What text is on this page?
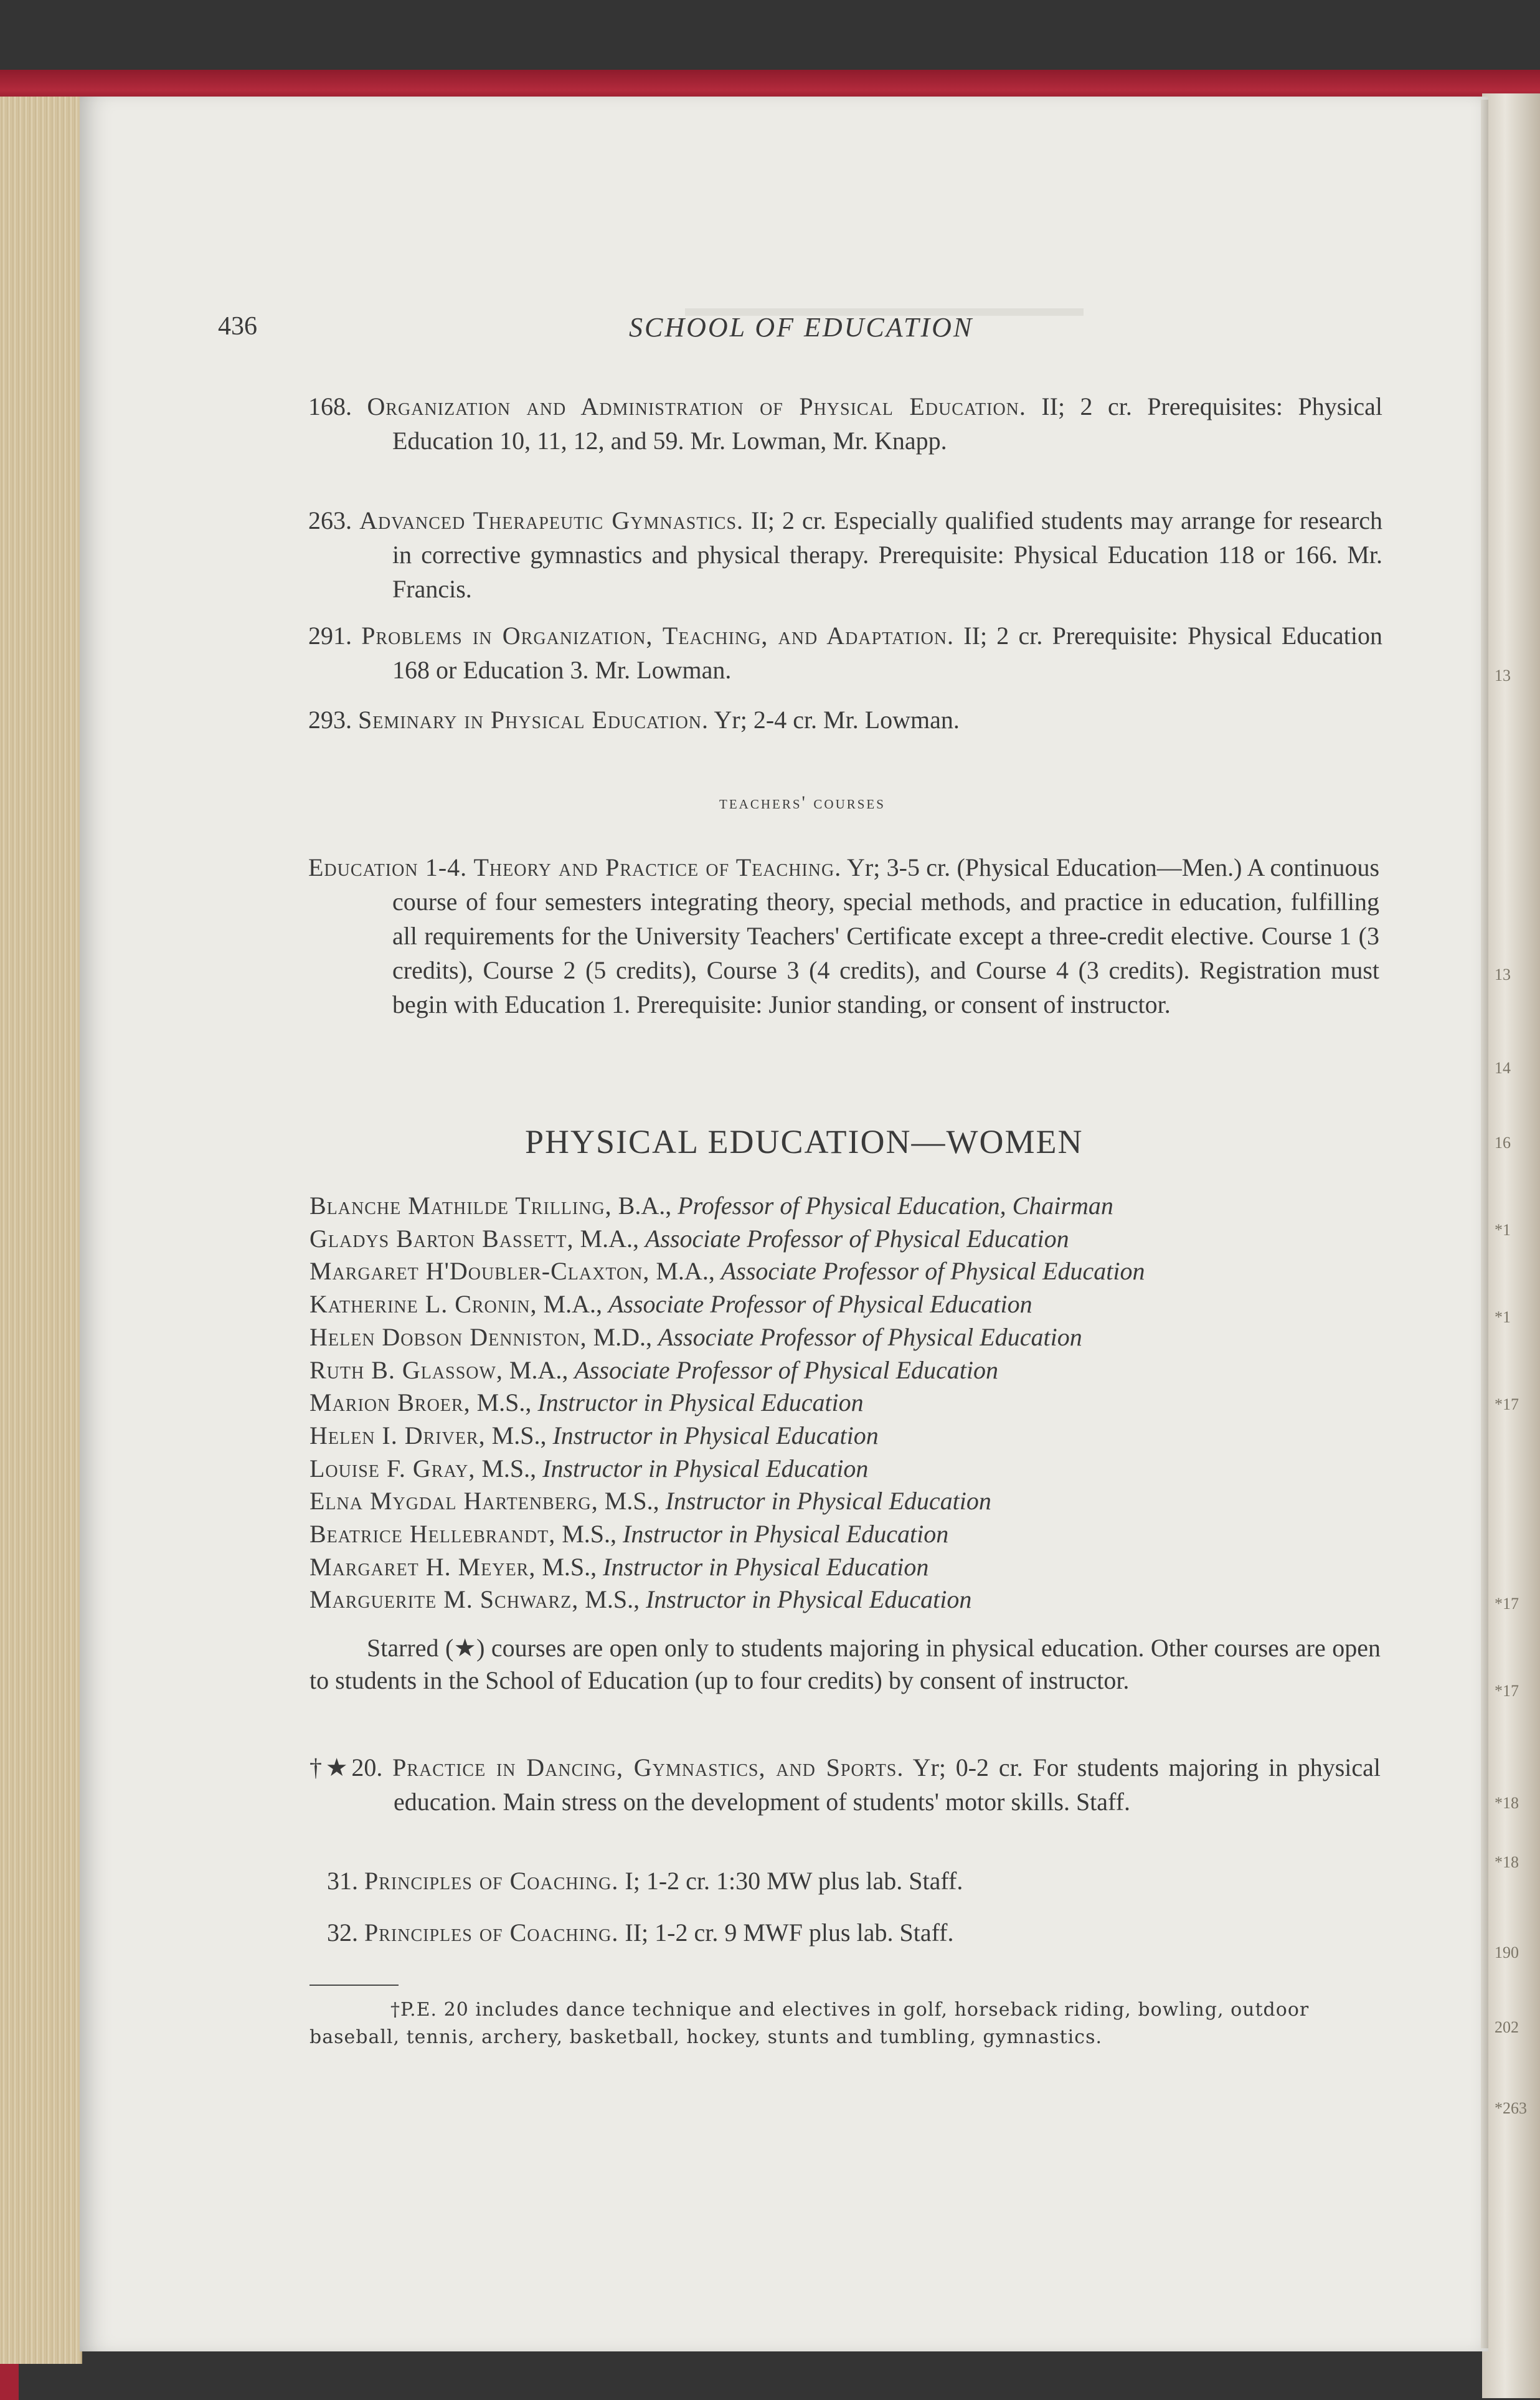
▬▬▬▬▬▬▬▬▬▬▬▬▬▬▬▬
436	SCHOOL OF EDUCATION
168. Organization and Administration of Physical Education. II; 2 cr. Prerequisites: Physical Education 10, 11, 12, and 59. Mr. Lowman, Mr. Knapp.
263. Advanced Therapeutic Gymnastics. II; 2 cr. Especially qualified students may arrange for research in corrective gymnastics and physical therapy. Prerequisite: Physical Education 118 or 166. Mr. Francis.
291. Problems in Organization, Teaching, and Adaptation. II; 2 cr. Prerequisite: Physical Education 168 or Education 3. Mr. Lowman.
293. Seminary in Physical Education. Yr; 2-4 cr. Mr. Lowman.
teachers' courses
Education 1-4. Theory and Practice of Teaching. Yr; 3-5 cr. (Physical Education—Men.) A continuous course of four semesters integrating theory, special methods, and practice in education, fulfilling all requirements for the University Teachers' Certificate except a three-credit elective. Course 1 (3 credits), Course 2 (5 credits), Course 3 (4 credits), and Course 4 (3 credits). Registration must begin with Education 1. Prerequisite: Junior standing, or consent of instructor.
PHYSICAL EDUCATION—WOMEN
Blanche Mathilde Trilling, B.A., Professor of Physical Education, Chairman
Gladys Barton Bassett, M.A., Associate Professor of Physical Education
Margaret H'Doubler-Claxton, M.A., Associate Professor of Physical Education
Katherine L. Cronin, M.A., Associate Professor of Physical Education
Helen Dobson Denniston, M.D., Associate Professor of Physical Education
Ruth B. Glassow, M.A., Associate Professor of Physical Education
Marion Broer, M.S., Instructor in Physical Education
Helen I. Driver, M.S., Instructor in Physical Education
Louise F. Gray, M.S., Instructor in Physical Education
Elna Mygdal Hartenberg, M.S., Instructor in Physical Education
Beatrice Hellebrandt, M.S., Instructor in Physical Education
Margaret H. Meyer, M.S., Instructor in Physical Education
Marguerite M. Schwarz, M.S., Instructor in Physical Education
Starred (★) courses are open only to students majoring in physical education. Other courses are open to students in the School of Education (up to four credits) by consent of instructor.
†★20. Practice in Dancing, Gymnastics, and Sports. Yr; 0-2 cr. For students majoring in physical education. Main stress on the development of students' motor skills. Staff.
31. Principles of Coaching. I; 1-2 cr. 1:30 MW plus lab. Staff.
32. Principles of Coaching. II; 1-2 cr. 9 MWF plus lab. Staff.
†P.E. 20 includes dance technique and electives in golf, horseback riding, bowling, outdoor baseball, tennis, archery, basketball, hockey, stunts and tumbling, gymnastics.
13
13
14
16
*1
*1
*17
*17
*17
*18
*18
190
202
*263
